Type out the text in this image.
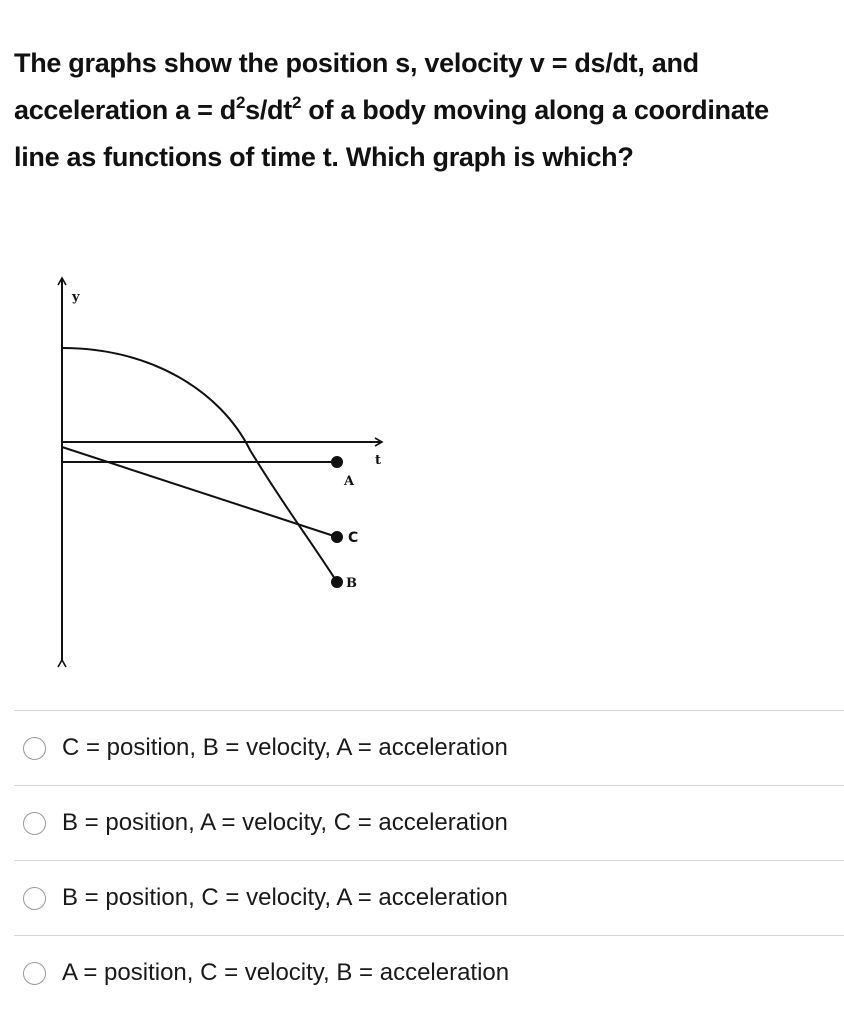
The graphs show the position s, velocity v = ds/dt, and
acceleration $a = d^2s/dt^2$ of a body moving along a coordinate
line as functions of time t. Which graph is which?
y
t
A
C
B
C = position, B = velocity, A = acceleration
B = position, A = velocity, C = acceleration
B = position, C = velocity, A = acceleration
A = position, C = velocity, B = acceleration
